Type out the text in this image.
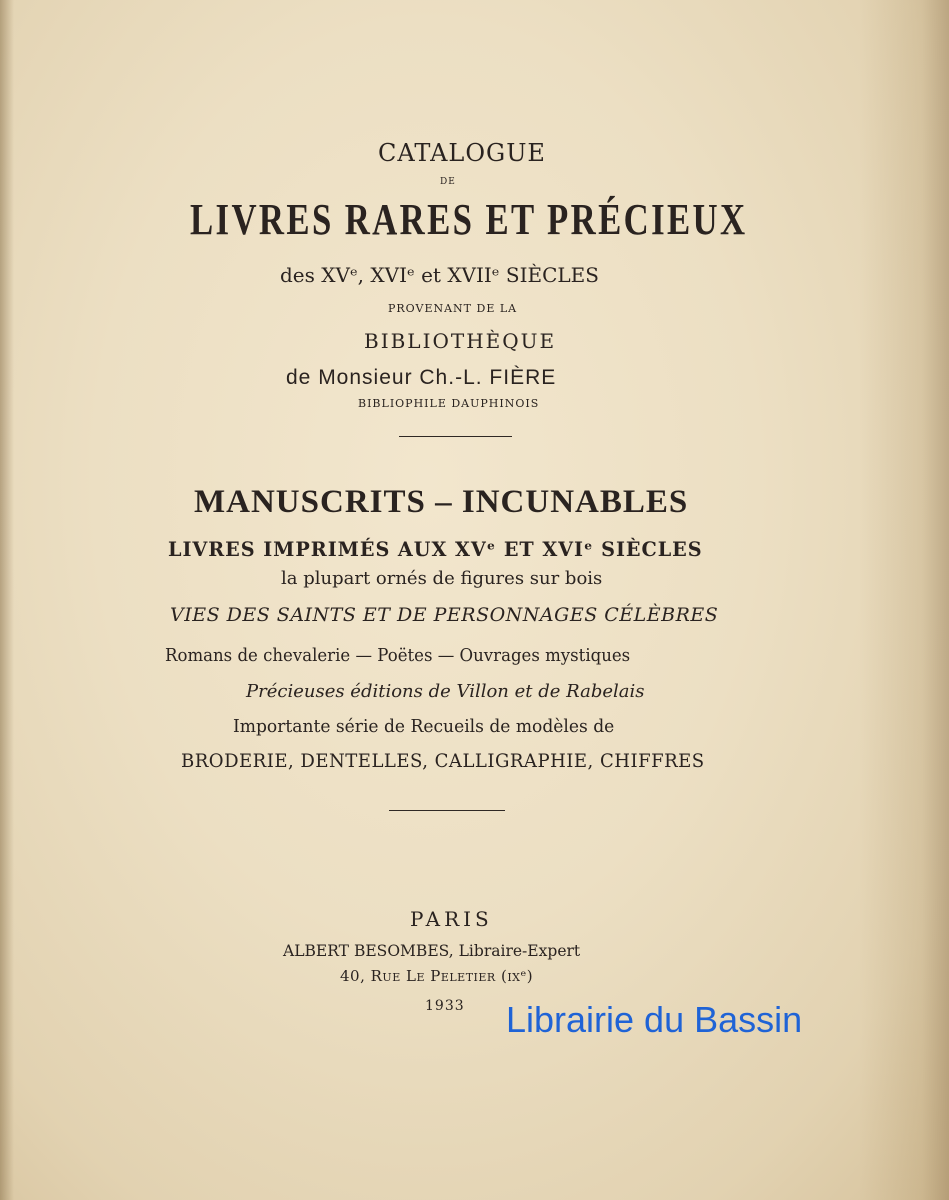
CATALOGUE
DE
LIVRES RARES ET PRÉCIEUX
des XVᵉ, XVIᵉ et XVIIᵉ SIÈCLES
PROVENANT DE LA
BIBLIOTHÈQUE
de Monsieur Ch.-L. FIÈRE
BIBLIOPHILE DAUPHINOIS
MANUSCRITS – INCUNABLES
LIVRES IMPRIMÉS AUX XVᵉ ET XVIᵉ SIÈCLES
la plupart ornés de figures sur bois
VIES DES SAINTS ET DE PERSONNAGES CÉLÈBRES
Romans de chevalerie — Poëtes — Ouvrages mystiques
Précieuses éditions de Villon et de Rabelais
Importante série de Recueils de modèles de
BRODERIE, DENTELLES, CALLIGRAPHIE, CHIFFRES
PARIS
ALBERT BESOMBES, Libraire-Expert
40, Rue Le Peletier (ixᵉ)
1933 Librairie du Bassin
